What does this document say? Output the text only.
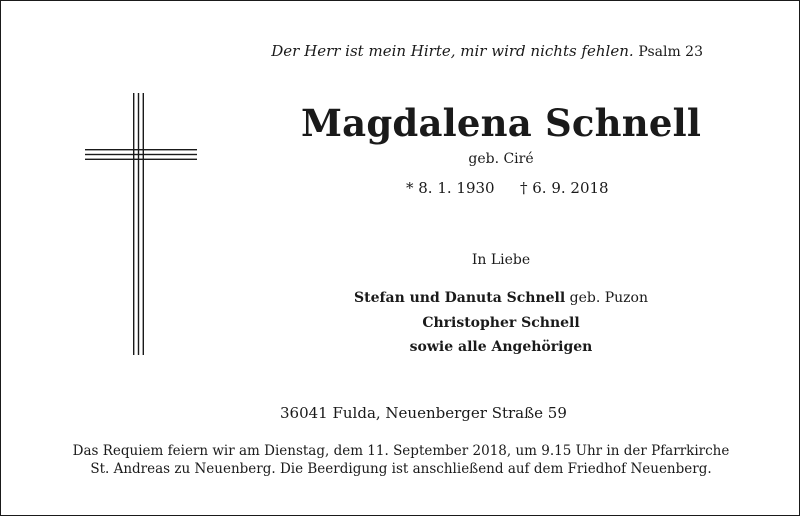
Der Herr ist mein Hirte, mir wird nichts fehlen. Psalm 23
Magdalena Schnell
geb. Ciré
* 8. 1. 1930 † 6. 9. 2018
In Liebe
Stefan und Danuta Schnell geb. Puzon
Christopher Schnell
sowie alle Angehörigen
36041 Fulda, Neuenberger Straße 59
Das Requiem feiern wir am Dienstag, dem 11. September 2018, um 9.15 Uhr in der Pfarrkirche
St. Andreas zu Neuenberg. Die Beerdigung ist anschließend auf dem Friedhof Neuenberg.
